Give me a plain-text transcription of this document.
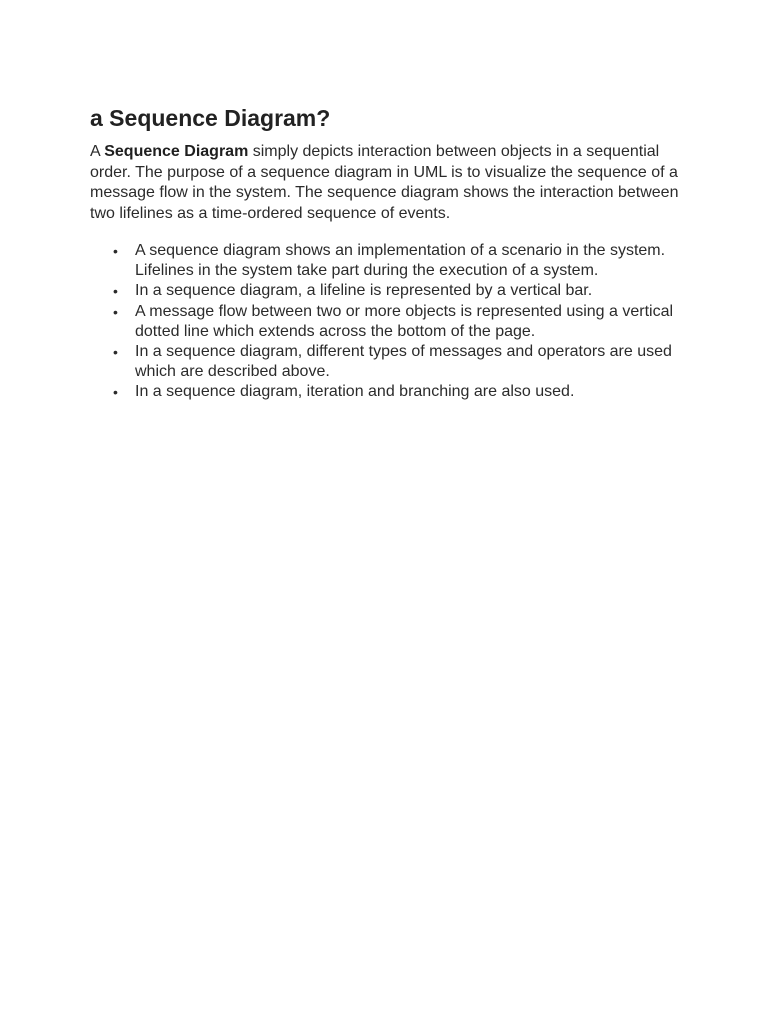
a Sequence Diagram?

A Sequence Diagram simply depicts interaction between objects in a sequential order. The purpose of a sequence diagram in UML is to visualize the sequence of a message flow in the system. The sequence diagram shows the interaction between two lifelines as a time-ordered sequence of events.

• A sequence diagram shows an implementation of a scenario in the system. Lifelines in the system take part during the execution of a system.
• In a sequence diagram, a lifeline is represented by a vertical bar.
• A message flow between two or more objects is represented using a vertical dotted line which extends across the bottom of the page.
• In a sequence diagram, different types of messages and operators are used which are described above.
• In a sequence diagram, iteration and branching are also used.
